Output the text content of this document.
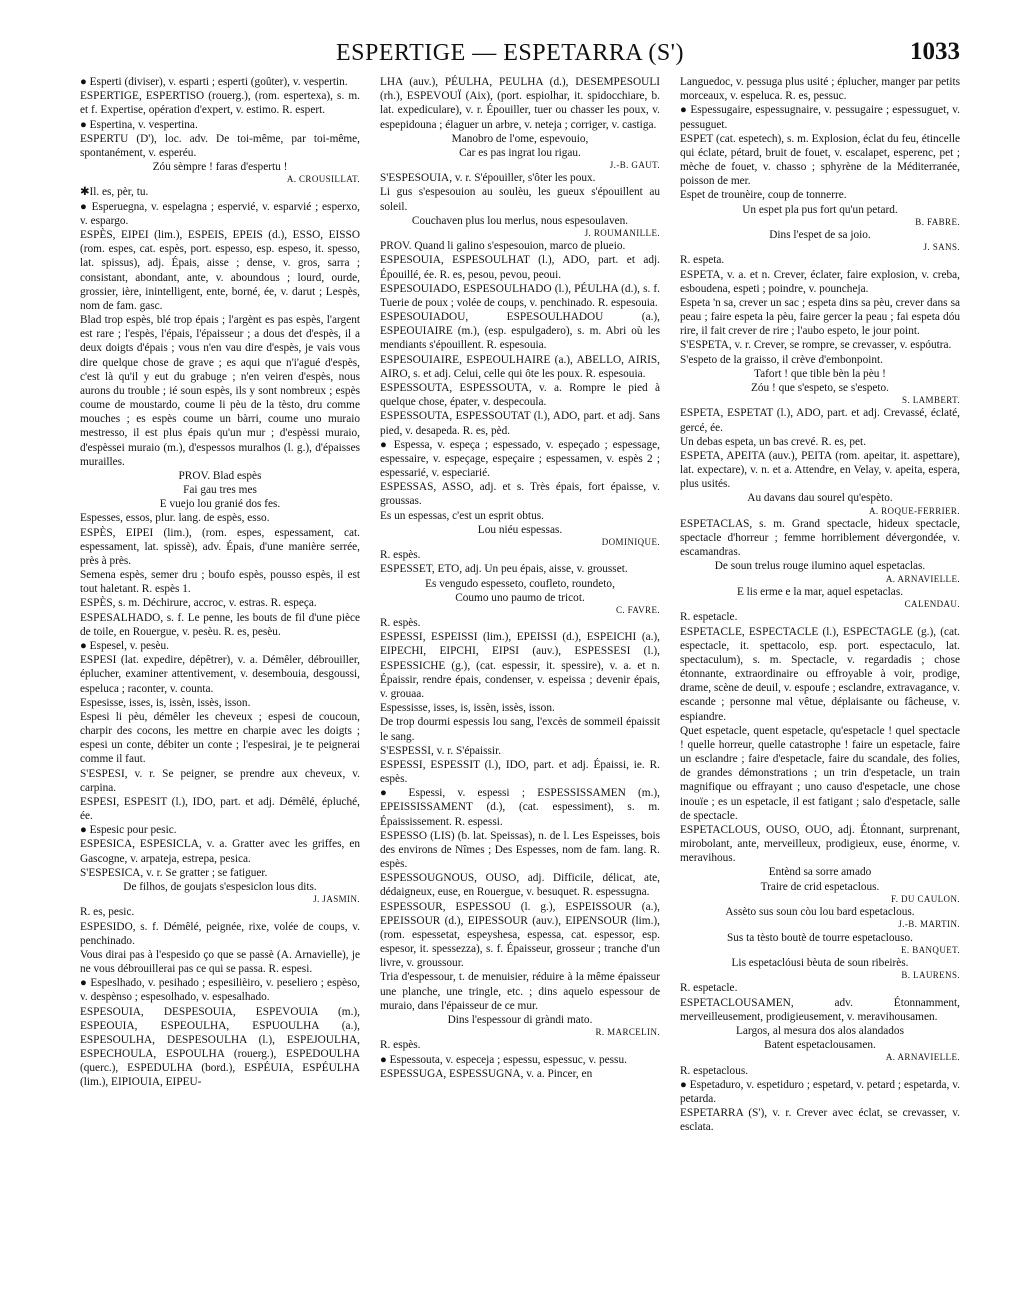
ESPERTIGE — ESPETARRA (S')	1033

● Esperti (diviser), v. esparti ; esperti (goûter), v. vespertin.

ESPERTIGE, ESPERTISO (rouerg.), (rom. espertexa), s. m. et f. Expertise, opération d'expert, v. estimo. R. espert.

● Espertina, v. vespertina.

ESPERTU (D'), loc. adv. De toi-même, par toi-même, spontanément, v. esperéu.

Zóu sèmpre ! faras d'espertu !

A. CROUSILLAT.

✱Il. es, pèr, tu.

● Esperuegna, v. espelagna ; espervié, v. esparvié ; esperxo, v. espargo.

ESPÈS, EIPEI (lim.), ESPEIS, EPEIS (d.), ESSO, EISSO (rom. espes, cat. espès, port. espesso, esp. espeso, it. spesso, lat. spissus), adj. Épais, aisse ; dense, v. gros, sarra ; consistant, abondant, ante, v. aboundous ; lourd, ourde, grossier, ière, inintelligent, ente, borné, ée, v. darut ; Lespès, nom de fam. gasc.

Blad trop espès, blé trop épais ; l'argènt es pas espès, l'argent est rare ; l'espès, l'épais, l'épaisseur ; a dous det d'espès, il a deux doigts d'épais ; vous n'en vau dire d'espès, je vais vous dire quelque chose de grave ; es aqui que n'i'agué d'espès, c'est là qu'il y eut du grabuge ; n'en veiren d'espès, nous aurons du trouble ; ié soun espès, ils y sont nombreux ; espès coume de moustardo, coume li pèu de la tèsto, dru comme mouches ; es espès coume un bàrri, coume uno muraio mestresso, il est plus épais qu'un mur ; d'espèssi muraio, d'espèssei muraio (m.), d'espessos muralhos (l. g.), d'épaisses murailles.

PROV. Blad espès

Fai gau tres mes

E vuejo lou granié dos fes.

Espesses, essos, plur. lang. de espès, esso.

ESPÈS, EIPEI (lim.), (rom. espes, espessament, cat. espessament, lat. spissè), adv. Épais, d'une manière serrée, près à près.

Semena espès, semer dru ; boufo espès, pousso espès, il est tout haletant. R. espès 1.

ESPÈS, s. m. Déchirure, accroc, v. estras. R. espeça.

ESPESALHADO, s. f. Le penne, les bouts de fil d'une pièce de toile, en Rouergue, v. pesèu. R. es, pesèu.

● Espesel, v. pesèu.

ESPESI (lat. expedire, dépêtrer), v. a. Démêler, débrouiller, éplucher, examiner attentivement, v. desembouia, desgoussi, espeluca ; raconter, v. counta.

Espesisse, isses, is, issèn, issès, isson.

Espesi li pèu, démêler les cheveux ; espesi de coucoun, charpir des cocons, les mettre en charpie avec les doigts ; espesi un conte, débiter un conte ; l'espesirai, je te peignerai comme il faut.

S'ESPESI, v. r. Se peigner, se prendre aux cheveux, v. carpina.

ESPESI, ESPESIT (l.), IDO, part. et adj. Démêlé, épluché, ée.

● Espesic pour pesic.

ESPESICA, ESPESICLA, v. a. Gratter avec les griffes, en Gascogne, v. arpateja, estrepa, pesica.

S'ESPESICA, v. r. Se gratter ; se fatiguer.

De filhos, de goujats s'espesiclon lous dits.

J. JASMIN.

R. es, pesic.

ESPESIDO, s. f. Démêlé, peignée, rixe, volée de coups, v. penchinado.

Vous dirai pas à l'espesido ço que se passè (A. Arnavielle), je ne vous débrouillerai pas ce qui se passa. R. espesi.

● Espeslhado, v. pesihado ; espesilièiro, v. peseliero ; espèso, v. despènso ; espesolhado, v. espesalhado.

ESPESOUIA, DESPESOUIA, ESPEVOUIA (m.), ESPEOUIA, ESPEOULHA, ESPUOULHA (a.), ESPESOULHA, DESPESOULHA (l.), ESPEJOULHA, ESPECHOULA, ESPOULHA (rouerg.), ESPEDOULHA (querc.), ESPEDULHA (bord.), ESPÉUIA, ESPÉULHA (lim.), EIPIOUIA, EIPEU-

LHA (auv.), PÉULHA, PEULHA (d.), DESEMPESOULI (rh.), ESPEVOUÏ (Aix), (port. espiolhar, it. spidocchiare, b. lat. expediculare), v. r. Épouiller, tuer ou chasser les poux, v. espepidouna ; élaguer un arbre, v. neteja ; corriger, v. castiga.

Manobro de l'ome, espevouio,

Car es pas ingrat lou rigau.

J.-B. GAUT.

S'ESPESOUIA, v. r. S'épouiller, s'ôter les poux.

Li gus s'espesouion au soulèu, les gueux s'épouillent au soleil.

Couchaven plus lou merlus, nous espesoulaven.

J. ROUMANILLE.

PROV. Quand li galino s'espesouion, marco de plueio.

ESPESOUIA, ESPESOULHAT (l.), ADO, part. et adj. Épouillé, ée. R. es, pesou, pevou, peoui.

ESPESOUIADO, ESPESOULHADO (l.), PÉULHA (d.), s. f. Tuerie de poux ; volée de coups, v. penchinado. R. espesouia.

ESPESOUIADOU, ESPESOULHADOU (a.), ESPEOUIAIRE (m.), (esp. espulgadero), s. m. Abri où les mendiants s'épouillent. R. espesouia.

ESPESOUIAIRE, ESPEOULHAIRE (a.), ABELLO, AIRIS, AIRO, s. et adj. Celui, celle qui ôte les poux. R. espesouia.

ESPESSOUTA, ESPESSOUTA, v. a. Rompre le pied à quelque chose, épater, v. despecoula.

ESPESSOUTA, ESPESSOUTAT (l.), ADO, part. et adj. Sans pied, v. desapeda. R. es, pèd.

● Espessa, v. espeça ; espessado, v. espeçado ; espessage, espessaire, v. espeçage, espeçaire ; espessamen, v. espès 2 ; espessarié, v. especiarié.

ESPESSAS, ASSO, adj. et s. Très épais, fort épaisse, v. groussas.

Es un espessas, c'est un esprit obtus.

Lou niéu espessas.

DOMINIQUE.

R. espès.

ESPESSET, ETO, adj. Un peu épais, aisse, v. grousset.

Es vengudo espesseto, coufleto, roundeto,

Coumo uno paumo de tricot.

C. FAVRE.

R. espès.

ESPESSI, ESPEISSI (lim.), EPEISSI (d.), ESPEICHI (a.), EIPECHI, EIPCHI, EIPSI (auv.), ESPESSESI (l.), ESPESSICHE (g.), (cat. espessir, it. spessire), v. a. et n. Épaissir, rendre épais, condenser, v. espeissa ; devenir épais, v. grouaa.

Espessisse, isses, is, issèn, issès, isson.

De trop dourmi espessis lou sang, l'excès de sommeil épaissit le sang.

S'ESPESSI, v. r. S'épaissir.

ESPESSI, ESPESSIT (l.), IDO, part. et adj. Épaissi, ie. R. espès.

● Espessi, v. espessi ; ESPESSISSAMEN (m.), EPEISSISSAMENT (d.), (cat. espessiment), s. m. Épaississement. R. espessi.

ESPESSO (LIS) (b. lat. Speissas), n. de l. Les Espeisses, bois des environs de Nîmes ; Des Espesses, nom de fam. lang. R. espès.

ESPESSOUGNOUS, OUSO, adj. Difficile, délicat, ate, dédaigneux, euse, en Rouergue, v. besuquet. R. espessugna.

ESPESSOUR, ESPESSOU (l. g.), ESPEISSOUR (a.), EPEISSOUR (d.), EIPESSOUR (auv.), EIPENSOUR (lim.), (rom. espessetat, espeyshesa, espessa, cat. espessor, esp. espesor, it. spessezza), s. f. Épaisseur, grosseur ; tranche d'un livre, v. groussour.

Tria d'espessour, t. de menuisier, réduire à la même épaisseur une planche, une tringle, etc. ; dins aquelo espessour de muraio, dans l'épaisseur de ce mur.

Dins l'espessour di gràndi mato.

R. MARCELIN.

R. espès.

● Espessouta, v. especeja ; espessu, espessuc, v. pessu.

ESPESSUGA, ESPESSUGNA, v. a. Pincer, en

Languedoc, v. pessuga plus usité ; éplucher, manger par petits morceaux, v. espeluca. R. es, pessuc.

● Espessugaire, espessugnaire, v. pessugaire ; espessuguet, v. pessuguet.

ESPET (cat. espetech), s. m. Explosion, éclat du feu, étincelle qui éclate, pétard, bruit de fouet, v. escalapet, esperenc, pet ; mèche de fouet, v. chasso ; sphyrène de la Méditerranée, poisson de mer.

Espet de trounèire, coup de tonnerre.

Un espet pla pus fort qu'un petard.

B. FABRE.

Dins l'espet de sa joio.

J. SANS.

R. espeta.

ESPETA, v. a. et n. Crever, éclater, faire explosion, v. creba, esboudena, espeti ; poindre, v. pouncheja.

Espeta 'n sa, crever un sac ; espeta dins sa pèu, crever dans sa peau ; faire espeta la pèu, faire gercer la peau ; fai espeta dóu rire, il fait crever de rire ; l'aubo espeto, le jour point.

S'ESPETA, v. r. Crever, se rompre, se crevasser, v. espóutra.

S'espeto de la graisso, il crève d'embonpoint.

Tafort ! que tible bèn la pèu !

Zóu ! que s'espeto, se s'espeto.

S. LAMBERT.

ESPETA, ESPETAT (l.), ADO, part. et adj. Crevassé, éclaté, gercé, ée.

Un debas espeta, un bas crevé. R. es, pet.

ESPETA, APEITA (auv.), PEITA (rom. apeitar, it. aspettare), lat. expectare), v. n. et a. Attendre, en Velay, v. apeita, espera, plus usités.

Au davans dau sourel qu'espèto.

A. ROQUE-FERRIER.

ESPETACLAS, s. m. Grand spectacle, hideux spectacle, spectacle d'horreur ; femme horriblement dévergondée, v. escamandras.

De soun trelus rouge ilumino aquel espetaclas.

A. ARNAVIELLE.

E lis erme e la mar, aquel espetaclas.

CALENDAU.

R. espetacle.

ESPETACLE, ESPECTACLE (l.), ESPECTAGLE (g.), (cat. espectacle, it. spettacolo, esp. port. espectaculo, lat. spectaculum), s. m. Spectacle, v. regardadis ; chose étonnante, extraordinaire ou effroyable à voir, prodige, drame, scène de deuil, v. espoufe ; esclandre, extravagance, v. escande ; personne mal vêtue, déplaisante ou fâcheuse, v. espiandre.

Quet espetacle, quent espetacle, qu'espetacle ! quel spectacle ! quelle horreur, quelle catastrophe ! faire un espetacle, faire un esclandre ; faire d'espetacle, faire du scandale, des folies, de grandes démonstrations ; un trin d'espetacle, un train magnifique ou effrayant ; uno causo d'espetacle, une chose inouïe ; es un espetacle, il est fatigant ; salo d'espetacle, salle de spectacle.

ESPETACLOUS, OUSO, OUO, adj. Étonnant, surprenant, mirobolant, ante, merveilleux, prodigieux, euse, énorme, v. meravihous.

Entènd sa sorre amado

Traire de crid espetaclous.

F. DU CAULON.

Assèto sus soun còu lou bard espetaclous.

J.-B. MARTIN.

Sus ta tèsto boutè de tourre espetaclouso.

E. BANQUET.

Lis espetaclóusi bèuta de soun ribeirès.

B. LAURENS.

R. espetacle.

ESPETACLOUSAMEN, adv. Étonnamment, merveilleusement, prodigieusement, v. meravihousamen.

Largos, al mesura dos alos alandados

Batent espetaclousamen.

A. ARNAVIELLE.

R. espetaclous.

● Espetaduro, v. espetiduro ; espetard, v. petard ; espetarda, v. petarda.

ESPETARRA (S'), v. r. Crever avec éclat, se crevasser, v. esclata.
